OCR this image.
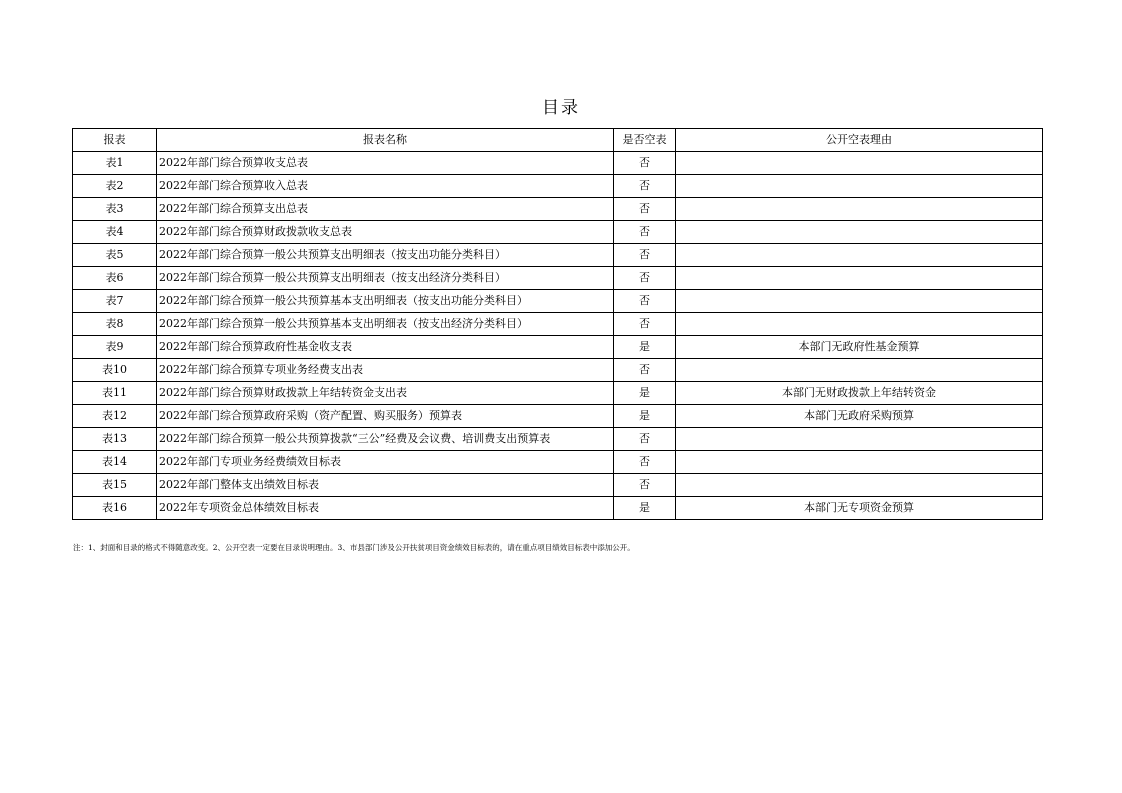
目录
报表	报表名称	是否空表	公开空表理由
表1	2022年部门综合预算收支总表	否	
表2	2022年部门综合预算收入总表	否	
表3	2022年部门综合预算支出总表	否	
表4	2022年部门综合预算财政拨款收支总表	否	
表5	2022年部门综合预算一般公共预算支出明细表（按支出功能分类科目）	否	
表6	2022年部门综合预算一般公共预算支出明细表（按支出经济分类科目）	否	
表7	2022年部门综合预算一般公共预算基本支出明细表（按支出功能分类科目）	否	
表8	2022年部门综合预算一般公共预算基本支出明细表（按支出经济分类科目）	否	
表9	2022年部门综合预算政府性基金收支表	是	本部门无政府性基金预算
表10	2022年部门综合预算专项业务经费支出表	否	
表11	2022年部门综合预算财政拨款上年结转资金支出表	是	本部门无财政拨款上年结转资金
表12	2022年部门综合预算政府采购（资产配置、购买服务）预算表	是	本部门无政府采购预算
表13	2022年部门综合预算一般公共预算拨款“三公”经费及会议费、培训费支出预算表	否	
表14	2022年部门专项业务经费绩效目标表	否	
表15	2022年部门整体支出绩效目标表	否	
表16	2022年专项资金总体绩效目标表	是	本部门无专项资金预算
注：1、封面和目录的格式不得随意改变。2、公开空表一定要在目录说明理由。3、市县部门涉及公开扶贫项目资金绩效目标表的，请在重点项目绩效目标表中添加公开。
